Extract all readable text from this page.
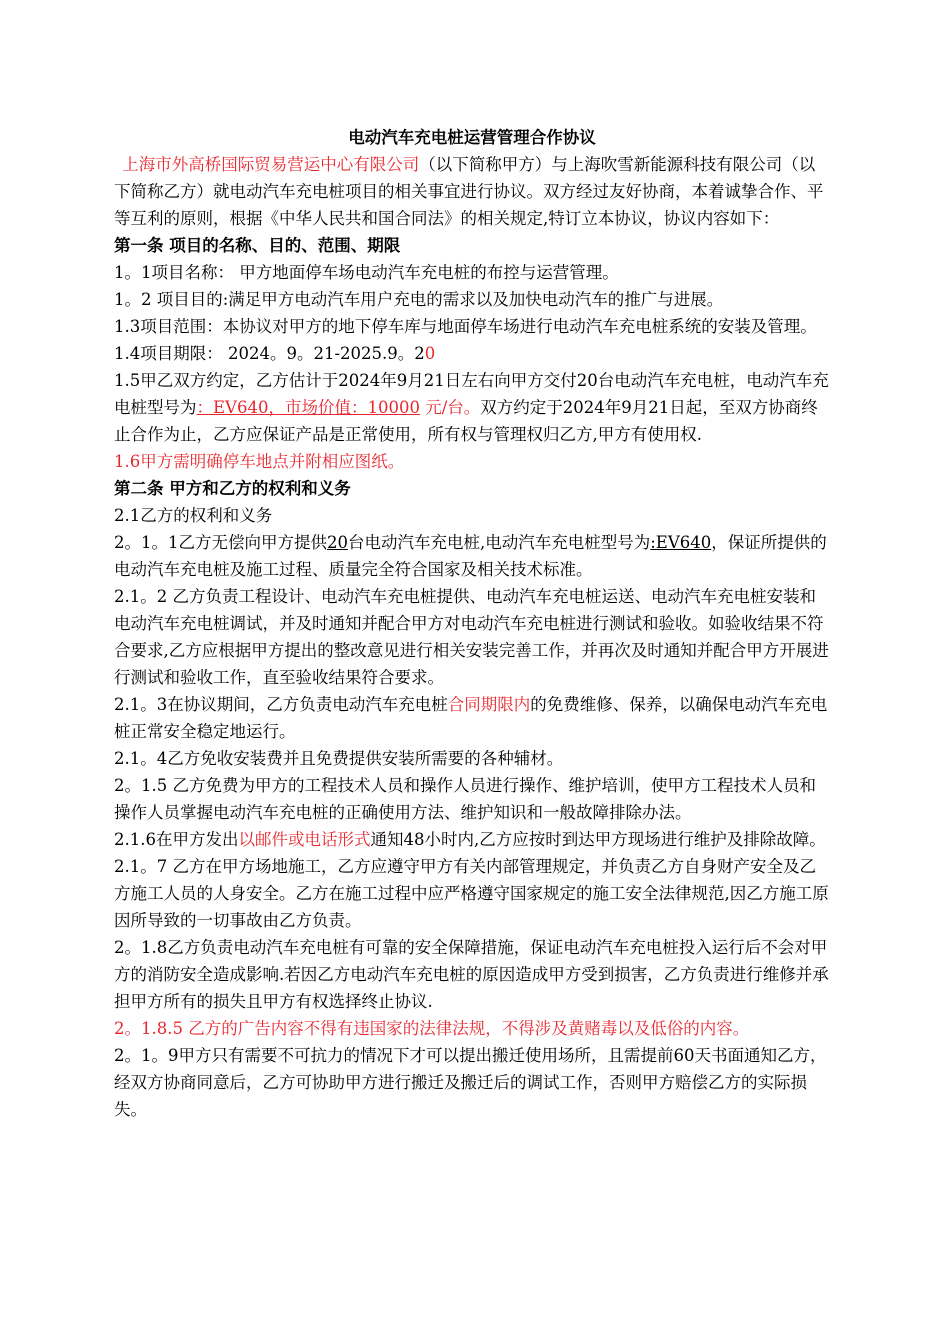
电动汽车充电桩运营管理合作协议

上海市外高桥国际贸易营运中心有限公司（以下简称甲方）与上海吹雪新能源科技有限公司（以下简称乙方）就电动汽车充电桩项目的相关事宜进行协议。双方经过友好协商，本着诚挚合作、平等互利的原则，根据《中华人民共和国合同法》的相关规定,特订立本协议，协议内容如下：

第一条 项目的名称、目的、范围、期限

1。1项目名称： 甲方地面停车场电动汽车充电桩的布控与运营管理。

1。2 项目目的:满足甲方电动汽车用户充电的需求以及加快电动汽车的推广与进展。

1.3项目范围：本协议对甲方的地下停车库与地面停车场进行电动汽车充电桩系统的安装及管理。

1.4项目期限： 2024。9。21-2025.9。20

1.5甲乙双方约定，乙方估计于2024年9月21日左右向甲方交付20台电动汽车充电桩，电动汽车充电桩型号为：EV640，市场价值：10000 元/台。双方约定于2024年9月21日起，至双方协商终止合作为止，乙方应保证产品是正常使用，所有权与管理权归乙方,甲方有使用权.

1.6甲方需明确停车地点并附相应图纸。

第二条 甲方和乙方的权利和义务

2.1乙方的权利和义务

2。1。1乙方无偿向甲方提供20台电动汽车充电桩,电动汽车充电桩型号为:EV640，保证所提供的电动汽车充电桩及施工过程、质量完全符合国家及相关技术标准。

2.1。2 乙方负责工程设计、电动汽车充电桩提供、电动汽车充电桩运送、电动汽车充电桩安装和电动汽车充电桩调试，并及时通知并配合甲方对电动汽车充电桩进行测试和验收。如验收结果不符合要求,乙方应根据甲方提出的整改意见进行相关安装完善工作，并再次及时通知并配合甲方开展进行测试和验收工作，直至验收结果符合要求。

2.1。3在协议期间，乙方负责电动汽车充电桩合同期限内的免费维修、保养，以确保电动汽车充电桩正常安全稳定地运行。

2.1。4乙方免收安装费并且免费提供安装所需要的各种辅材。

2。1.5 乙方免费为甲方的工程技术人员和操作人员进行操作、维护培训，使甲方工程技术人员和操作人员掌握电动汽车充电桩的正确使用方法、维护知识和一般故障排除办法。

2.1.6在甲方发出以邮件或电话形式通知48小时内,乙方应按时到达甲方现场进行维护及排除故障。

2.1。7 乙方在甲方场地施工，乙方应遵守甲方有关内部管理规定，并负责乙方自身财产安全及乙方施工人员的人身安全。乙方在施工过程中应严格遵守国家规定的施工安全法律规范,因乙方施工原因所导致的一切事故由乙方负责。

2。1.8乙方负责电动汽车充电桩有可靠的安全保障措施，保证电动汽车充电桩投入运行后不会对甲方的消防安全造成影响.若因乙方电动汽车充电桩的原因造成甲方受到损害，乙方负责进行维修并承担甲方所有的损失且甲方有权选择终止协议.

2。1.8.5 乙方的广告内容不得有违国家的法律法规，不得涉及黄赌毒以及低俗的内容。

2。1。9甲方只有需要不可抗力的情况下才可以提出搬迁使用场所，且需提前60天书面通知乙方，经双方协商同意后，乙方可协助甲方进行搬迁及搬迁后的调试工作，否则甲方赔偿乙方的实际损失。
